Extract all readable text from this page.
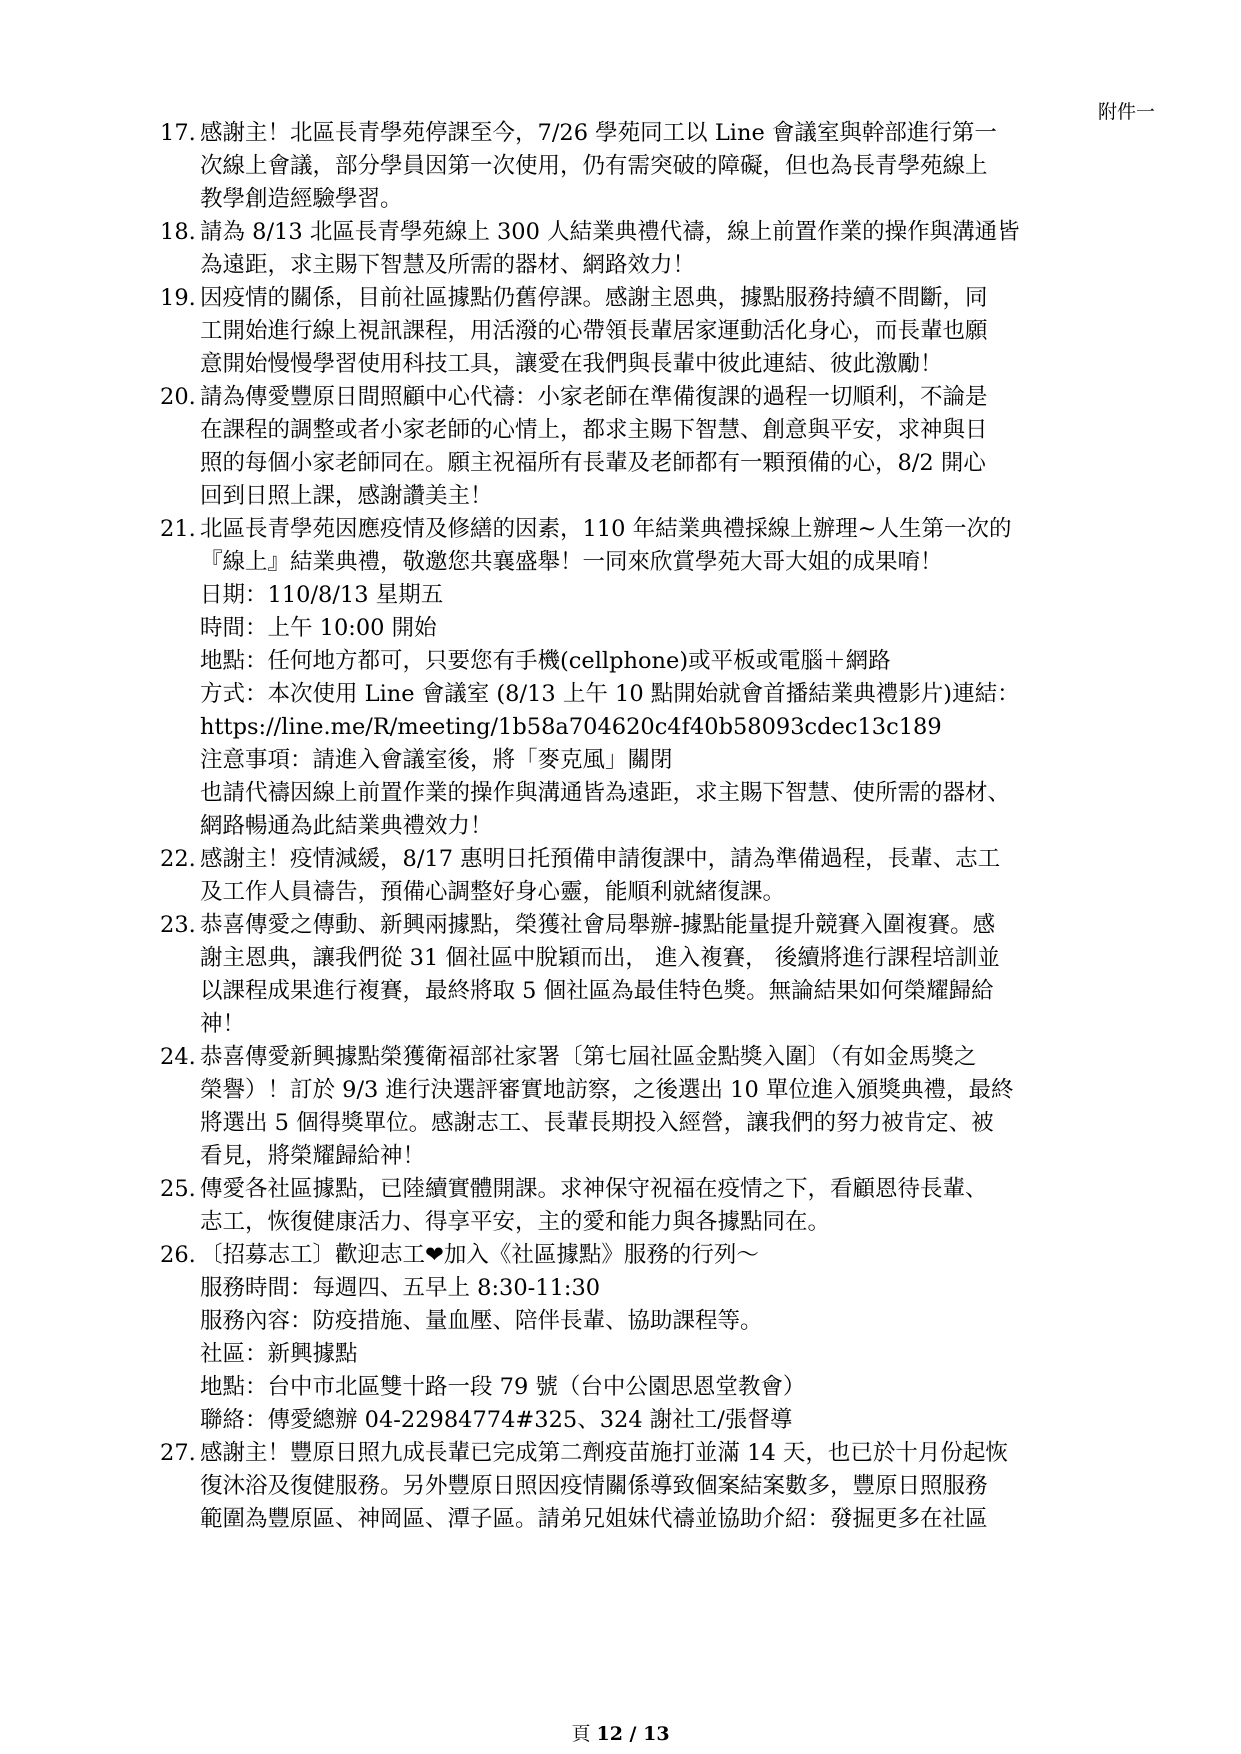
附件一
17. 感謝主！北區長青學苑停課至今，7/26 學苑同工以 Line 會議室與幹部進行第一
次線上會議，部分學員因第一次使用，仍有需突破的障礙，但也為長青學苑線上
教學創造經驗學習。
18. 請為 8/13 北區長青學苑線上 300 人結業典禮代禱，線上前置作業的操作與溝通皆
為遠距，求主賜下智慧及所需的器材、網路效力！
19. 因疫情的關係，目前社區據點仍舊停課。感謝主恩典，據點服務持續不間斷，同
工開始進行線上視訊課程，用活潑的心帶領長輩居家運動活化身心，而長輩也願
意開始慢慢學習使用科技工具，讓愛在我們與長輩中彼此連結、彼此激勵！
20. 請為傳愛豐原日間照顧中心代禱：小家老師在準備復課的過程一切順利，不論是
在課程的調整或者小家老師的心情上，都求主賜下智慧、創意與平安，求神與日
照的每個小家老師同在。願主祝福所有長輩及老師都有一顆預備的心，8/2 開心
回到日照上課，感謝讚美主！
21. 北區長青學苑因應疫情及修繕的因素，110 年結業典禮採線上辦理~人生第一次的
『線上』結業典禮，敬邀您共襄盛舉！一同來欣賞學苑大哥大姐的成果唷！
日期：110/8/13 星期五
時間：上午 10:00 開始
地點：任何地方都可，只要您有手機(cellphone)或平板或電腦＋網路
方式：本次使用 Line 會議室 (8/13 上午 10 點開始就會首播結業典禮影片)連結：
https://line.me/R/meeting/1b58a704620c4f40b58093cdec13c189
注意事項：請進入會議室後，將「麥克風」關閉
也請代禱因線上前置作業的操作與溝通皆為遠距，求主賜下智慧、使所需的器材、
網路暢通為此結業典禮效力！
22. 感謝主！疫情減緩，8/17 惠明日托預備申請復課中，請為準備過程，長輩、志工
及工作人員禱告，預備心調整好身心靈，能順利就緒復課。
23. 恭喜傳愛之傳動、新興兩據點，榮獲社會局舉辦-據點能量提升競賽入圍複賽。感
謝主恩典，讓我們從 31 個社區中脫穎而出， 進入複賽， 後續將進行課程培訓並
以課程成果進行複賽，最終將取 5 個社區為最佳特色獎。無論結果如何榮耀歸給
神！
24. 恭喜傳愛新興據點榮獲衛福部社家署〔第七屆社區金點獎入圍〕（有如金馬獎之
榮譽）！訂於 9/3 進行決選評審實地訪察，之後選出 10 單位進入頒獎典禮，最終
將選出 5 個得獎單位。感謝志工、長輩長期投入經營，讓我們的努力被肯定、被
看見，將榮耀歸給神！
25. 傳愛各社區據點，已陸續實體開課。求神保守祝福在疫情之下，看顧恩待長輩、
志工，恢復健康活力、得享平安，主的愛和能力與各據點同在。
26. 〔招募志工〕歡迎志工❤加入《社區據點》服務的行列～
服務時間：每週四、五早上 8:30-11:30
服務內容：防疫措施、量血壓、陪伴長輩、協助課程等。
社區：新興據點
地點：台中市北區雙十路一段 79 號（台中公園思恩堂教會）
聯絡：傳愛總辦 04-22984774#325、324 謝社工/張督導
27. 感謝主！豐原日照九成長輩已完成第二劑疫苗施打並滿 14 天，也已於十月份起恢
復沐浴及復健服務。另外豐原日照因疫情關係導致個案結案數多，豐原日照服務
範圍為豐原區、神岡區、潭子區。請弟兄姐妹代禱並協助介紹：發掘更多在社區
頁 12 / 13
